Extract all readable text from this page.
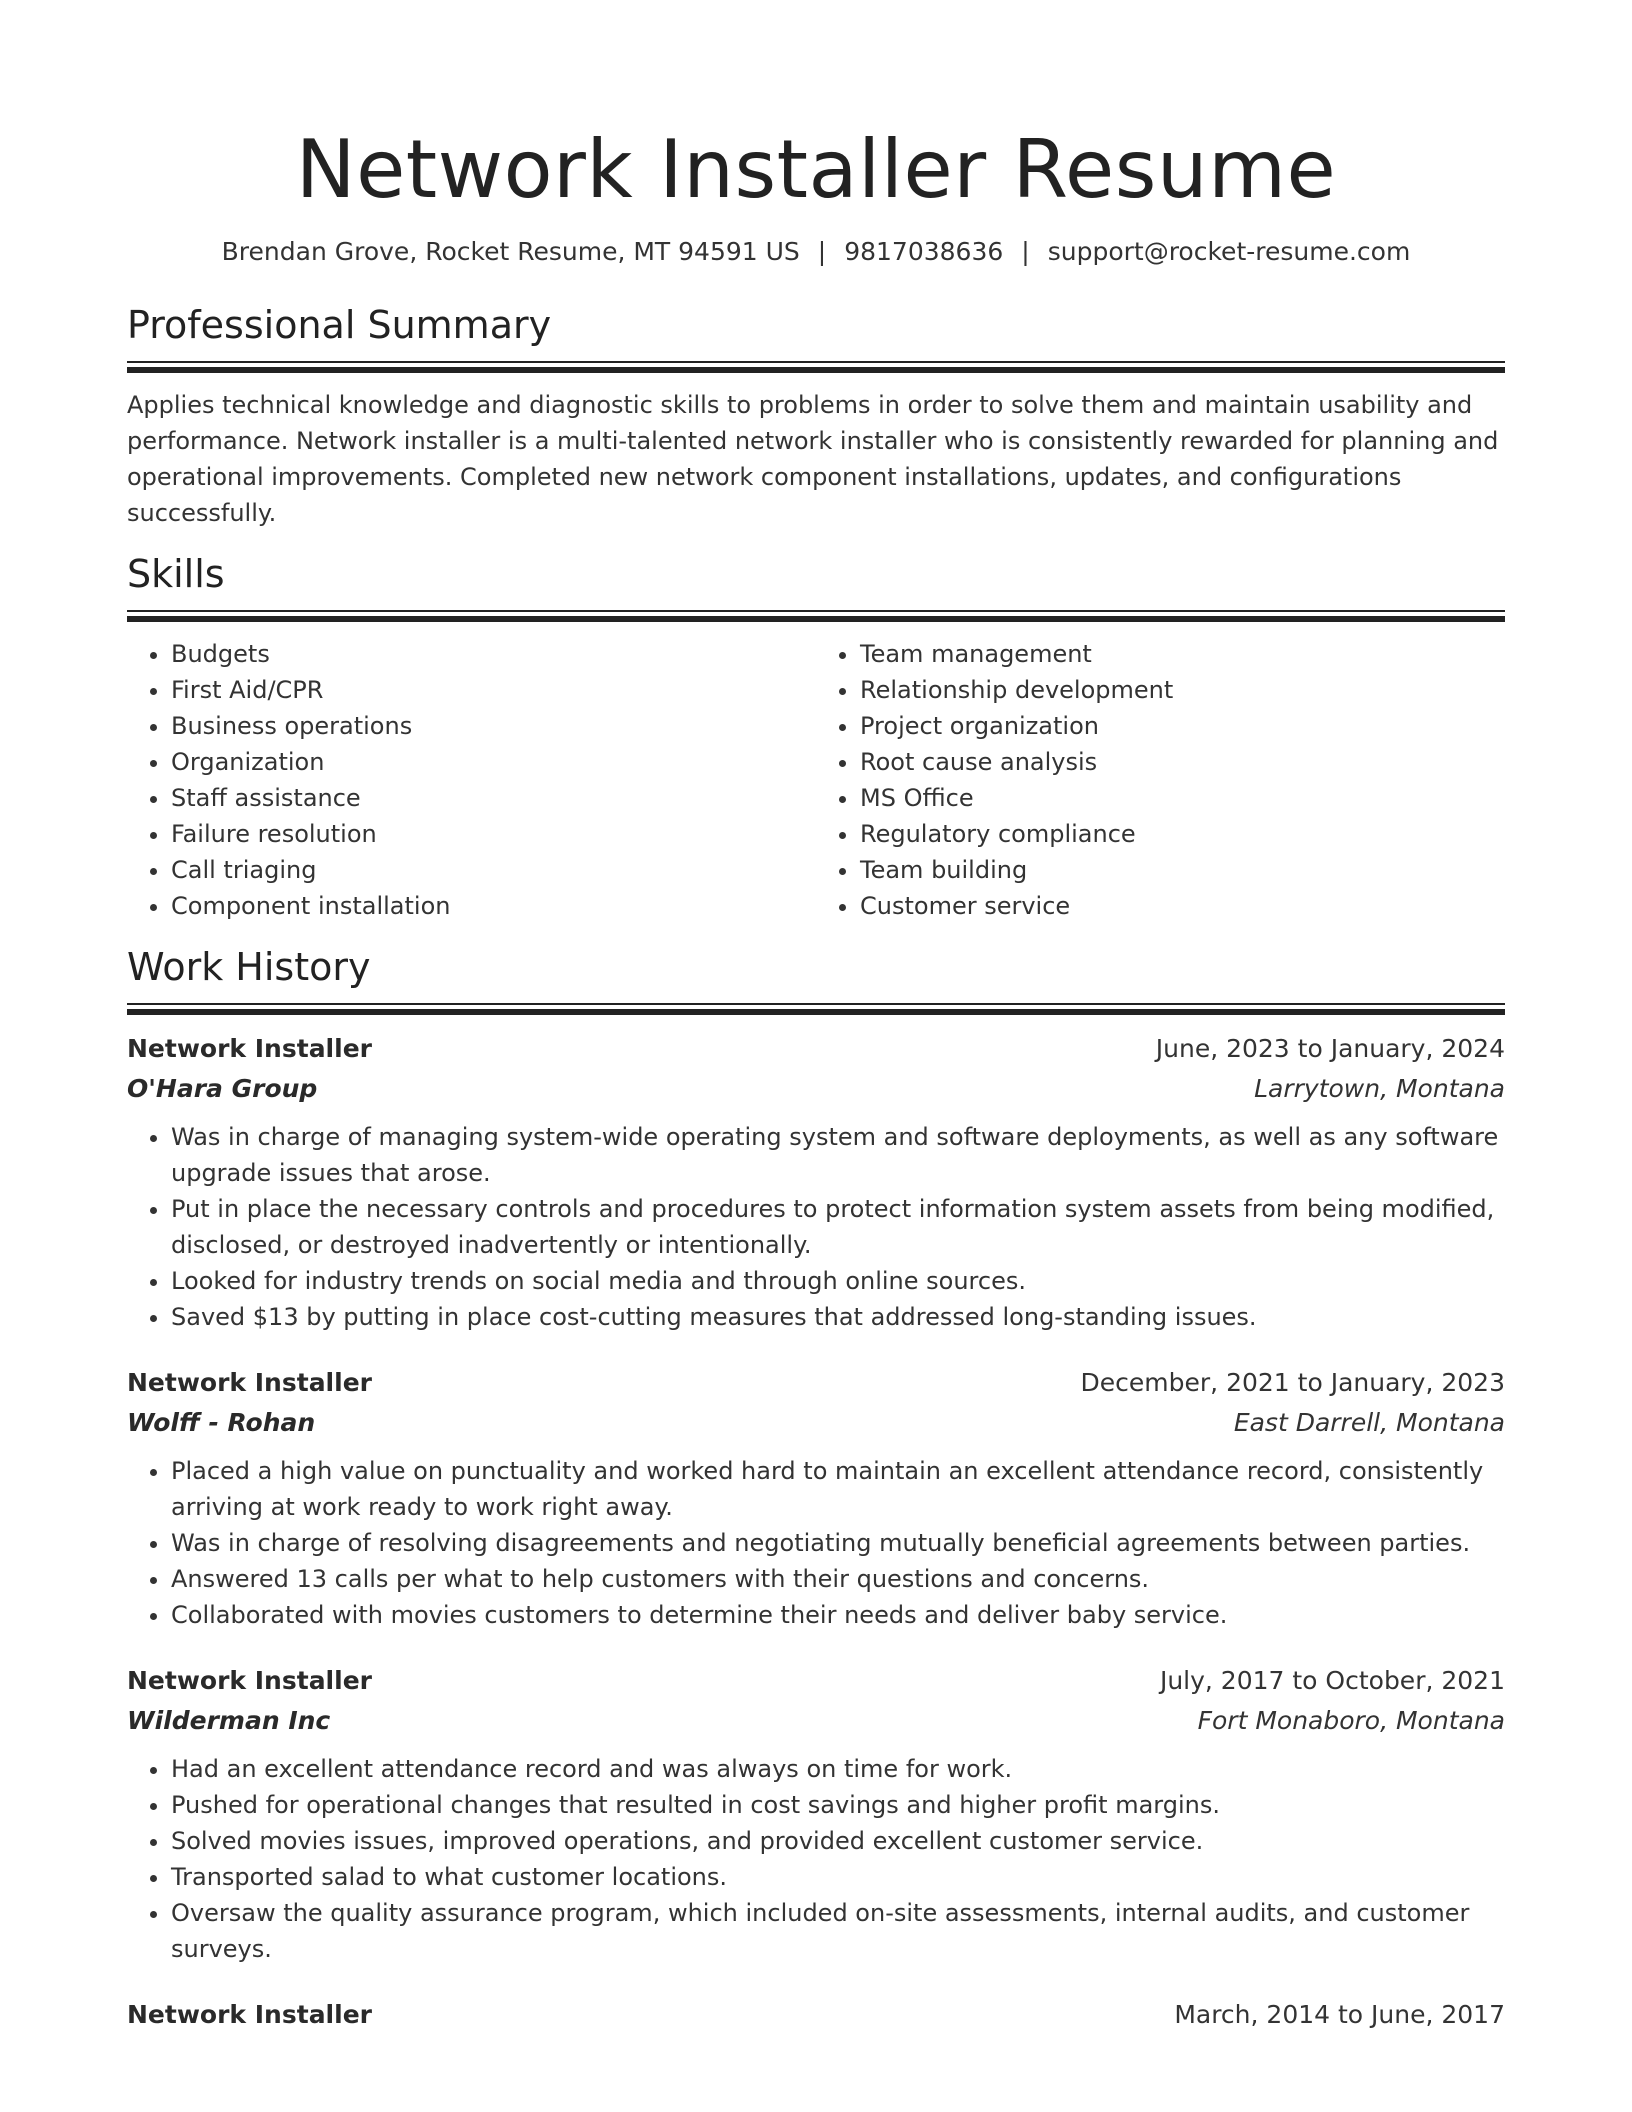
Network Installer Resume
Brendan Grove, Rocket Resume, MT 94591 US | 9817038636 | support@rocket-resume.com
Professional Summary

Applies technical knowledge and diagnostic skills to problems in order to solve them and maintain usability and performance. Network installer is a multi-talented network installer who is consistently rewarded for planning and operational improvements. Completed new network component installations, updates, and configurations successfully.

Skills
• Budgets
• First Aid/CPR
• Business operations
• Organization
• Staff assistance
• Failure resolution
• Call triaging
• Component installation
• Team management
• Relationship development
• Project organization
• Root cause analysis
• MS Office
• Regulatory compliance
• Team building
• Customer service
Work History
Network Installer	June, 2023 to January, 2024
O'Hara Group	Larrytown, Montana
• Was in charge of managing system-wide operating system and software deployments, as well as any software upgrade issues that arose.
• Put in place the necessary controls and procedures to protect information system assets from being modified, disclosed, or destroyed inadvertently or intentionally.
• Looked for industry trends on social media and through online sources.
• Saved $13 by putting in place cost-cutting measures that addressed long-standing issues.
Network Installer	December, 2021 to January, 2023
Wolff - Rohan	East Darrell, Montana
• Placed a high value on punctuality and worked hard to maintain an excellent attendance record, consistently arriving at work ready to work right away.
• Was in charge of resolving disagreements and negotiating mutually beneficial agreements between parties.
• Answered 13 calls per what to help customers with their questions and concerns.
• Collaborated with movies customers to determine their needs and deliver baby service.
Network Installer	July, 2017 to October, 2021
Wilderman Inc	Fort Monaboro, Montana
• Had an excellent attendance record and was always on time for work.
• Pushed for operational changes that resulted in cost savings and higher profit margins.
• Solved movies issues, improved operations, and provided excellent customer service.
• Transported salad to what customer locations.
• Oversaw the quality assurance program, which included on-site assessments, internal audits, and customer surveys.
Network Installer	March, 2014 to June, 2017
